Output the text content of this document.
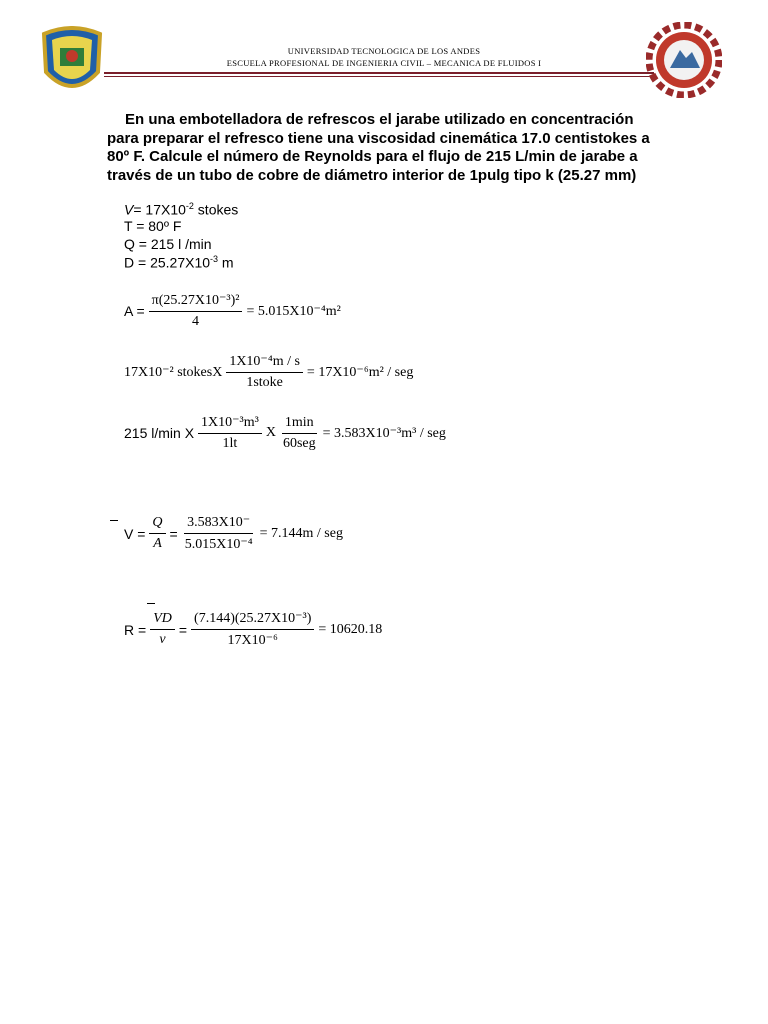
UNIVERSIDAD TECNOLOGICA DE LOS ANDES
ESCUELA PROFESIONAL DE INGENIERIA CIVIL – MECANICA DE FLUIDOS I
En una embotelladora de refrescos el jarabe utilizado en concentración para preparar el refresco tiene una viscosidad cinemática 17.0 centistokes a 80º F. Calcule el número de Reynolds para el flujo de 215 L/min de jarabe a través de un tubo de cobre de diámetro interior de 1pulg tipo k (25.27 mm)
$V= 17X10^{-2}$ stokes
T = 80º F
Q = 215 l /min
$D = 25.27X10^{-3}$ m
$A = \frac{\text{π(25.27X10⁻³)²}}{4} = 5.015X10^{-4}m^2$
17X10⁻² stokesX $\frac{\text{1X10⁻⁴m / s}}{\text{1stoke}} = 17X10^{-6}m^2$ / seg
215 l/min X $\frac{\text{1X10⁻³m³}}{1lt}$ X $\frac{1\min}{\text{60seg}} = 3.583X10^{-3}m^3$ / seg
$V = \frac{Q}{A} = \frac{3.583X10^-}{\text{5.015X10⁻⁴}} = 7.144m$ / seg
$R = \frac{VD}{\nu} = \frac{\text{(7.144)(25.27X10⁻³)}}{\text{17X10⁻⁶}} = 10620.18$
